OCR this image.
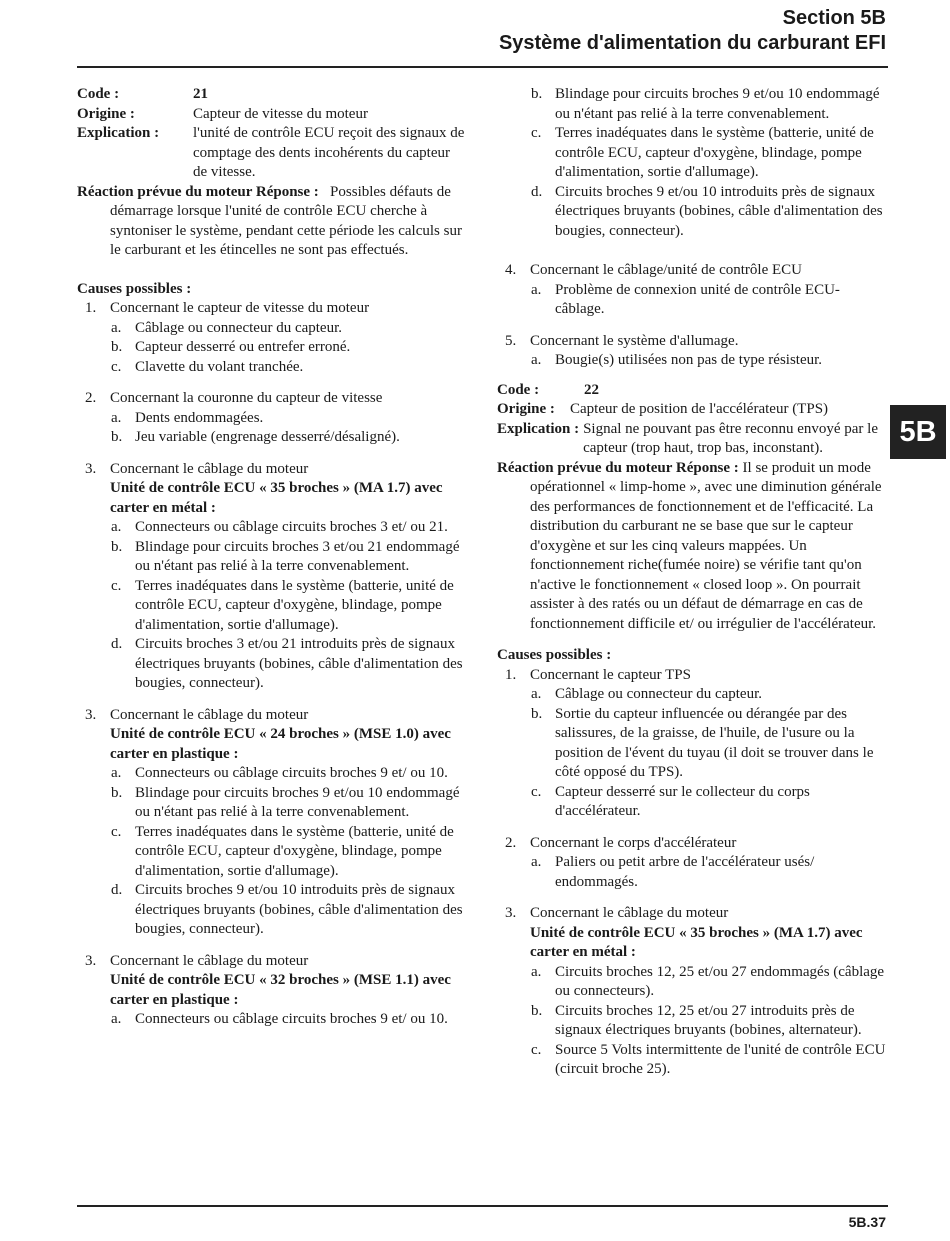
Section 5B
Système d'alimentation du carburant EFI
5B
Code :	21
Origine :	Capteur de vitesse du moteur
Explication :	l'unité de contrôle ECU reçoit des signaux de comptage des dents incohérents du capteur de vitesse.
Réaction prévue du moteur Réponse : Possibles défauts de démarrage lorsque l'unité de contrôle ECU cherche à syntoniser le système, pendant cette période les calculs sur le carburant et les étincelles ne sont pas effectués.
Causes possibles :
1. Concernant le capteur de vitesse du moteur
a. Câblage ou connecteur du capteur.
b. Capteur desserré ou entrefer erroné.
c. Clavette du volant tranchée.
2. Concernant la couronne du capteur de vitesse
a. Dents endommagées.
b. Jeu variable (engrenage desserré/désaligné).
3. Concernant le câblage du moteur
Unité de contrôle ECU « 35 broches » (MA 1.7) avec carter en métal :
a. Connecteurs ou câblage circuits broches 3 et/ ou 21.
b. Blindage pour circuits broches 3 et/ou 21 endommagé ou n'étant pas relié à la terre convenablement.
c. Terres inadéquates dans le système (batterie, unité de contrôle ECU, capteur d'oxygène, blindage, pompe d'alimentation, sortie d'allumage).
d. Circuits broches 3 et/ou 21 introduits près de signaux électriques bruyants (bobines, câble d'alimentation des bougies, connecteur).
3. Concernant le câblage du moteur
Unité de contrôle ECU « 24 broches » (MSE 1.0) avec carter en plastique :
a. Connecteurs ou câblage circuits broches 9 et/ ou 10.
b. Blindage pour circuits broches 9 et/ou 10 endommagé ou n'étant pas relié à la terre convenablement.
c. Terres inadéquates dans le système (batterie, unité de contrôle ECU, capteur d'oxygène, blindage, pompe d'alimentation, sortie d'allumage).
d. Circuits broches 9 et/ou 10 introduits près de signaux électriques bruyants (bobines, câble d'alimentation des bougies, connecteur).
3. Concernant le câblage du moteur
Unité de contrôle ECU « 32 broches » (MSE 1.1) avec carter en plastique :
a. Connecteurs ou câblage circuits broches 9 et/ ou 10.
b. Blindage pour circuits broches 9 et/ou 10 endommagé ou n'étant pas relié à la terre convenablement.
c. Terres inadéquates dans le système (batterie, unité de contrôle ECU, capteur d'oxygène, blindage, pompe d'alimentation, sortie d'allumage).
d. Circuits broches 9 et/ou 10 introduits près de signaux électriques bruyants (bobines, câble d'alimentation des bougies, connecteur).
4. Concernant le câblage/unité de contrôle ECU
a. Problème de connexion unité de contrôle ECU-câblage.
5. Concernant le système d'allumage.
a. Bougie(s) utilisées non pas de type résisteur.
Code :	22
Origine :	Capteur de position de l'accélérateur (TPS)
Explication : Signal ne pouvant pas être reconnu envoyé par le capteur (trop haut, trop bas, inconstant).
Réaction prévue du moteur Réponse : Il se produit un mode opérationnel « limp-home », avec une diminution générale des performances de fonctionnement et de l'efficacité. La distribution du carburant ne se base que sur le capteur d'oxygène et sur les cinq valeurs mappées. Un fonctionnement riche(fumée noire) se vérifie tant qu'on n'active le fonctionnement « closed loop ». On pourrait assister à des ratés ou un défaut de démarrage en cas de fonctionnement difficile et/ ou irrégulier de l'accélérateur.
Causes possibles :
1. Concernant le capteur TPS
a. Câblage ou connecteur du capteur.
b. Sortie du capteur influencée ou dérangée par des salissures, de la graisse, de l'huile, de l'usure ou la position de l'évent du tuyau (il doit se trouver dans le côté opposé du TPS).
c. Capteur desserré sur le collecteur du corps d'accélérateur.
2. Concernant le corps d'accélérateur
a. Paliers ou petit arbre de l'accélérateur usés/ endommagés.
3. Concernant le câblage du moteur
Unité de contrôle ECU « 35 broches » (MA 1.7) avec carter en métal :
a. Circuits broches 12, 25 et/ou 27 endommagés (câblage ou connecteurs).
b. Circuits broches 12, 25 et/ou 27 introduits près de signaux électriques bruyants (bobines, alternateur).
c. Source 5 Volts intermittente de l'unité de contrôle ECU (circuit broche 25).
5B.37
